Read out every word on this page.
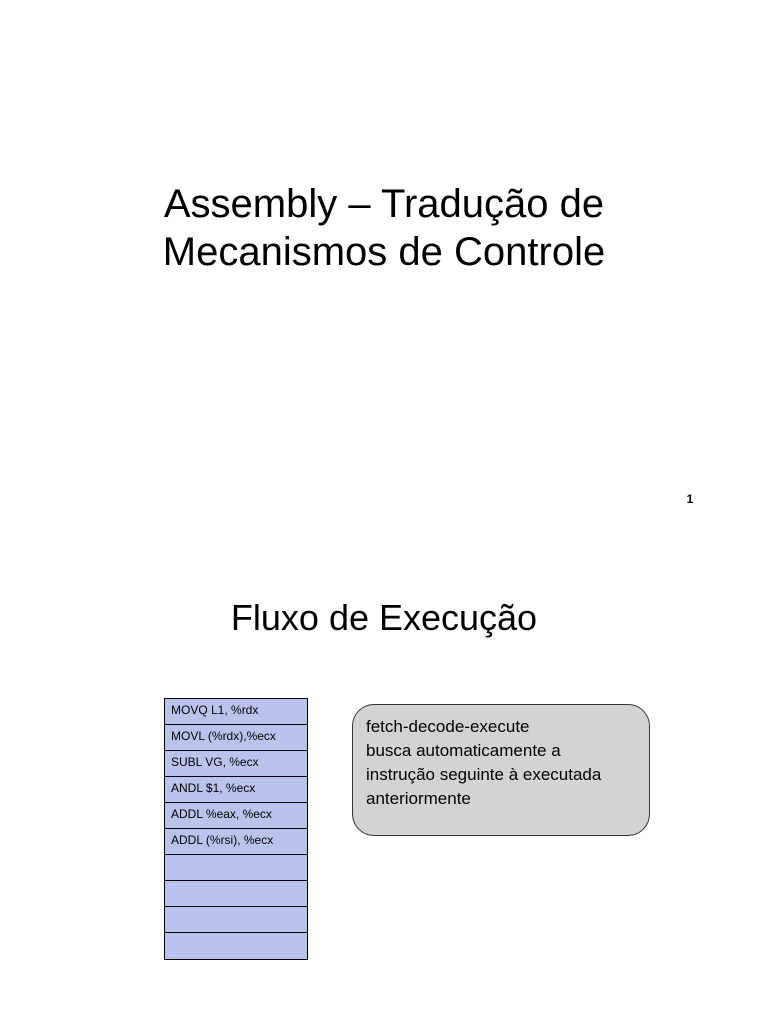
Assembly – Tradução de
Mecanismos de Controle
1
Fluxo de Execução
MOVQ L1, %rdx
MOVL (%rdx),%ecx
SUBL VG, %ecx
ANDL $1, %ecx
ADDL %eax, %ecx
ADDL (%rsi), %ecx
fetch-decode-execute
busca automaticamente a
instrução seguinte à executada
anteriormente
